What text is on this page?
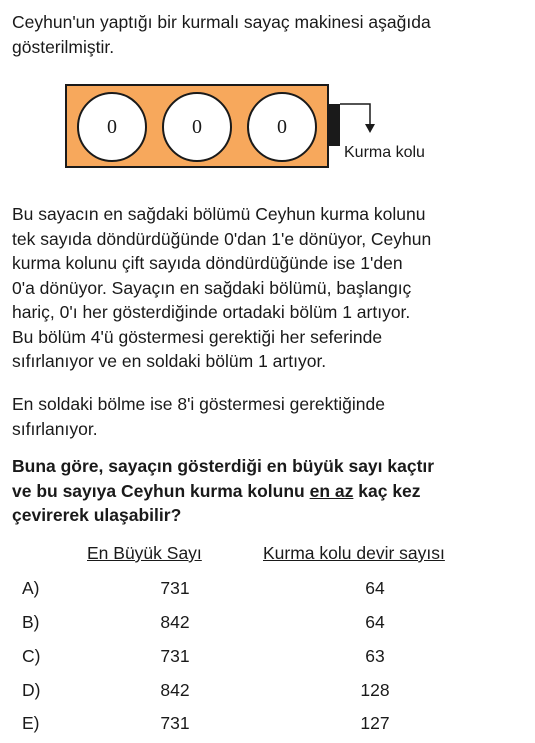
Ceyhun'un yaptığı bir kurmalı sayaç makinesi aşağıda
gösterilmiştir.

0	0	0
Kurma kolu

Bu sayacın en sağdaki bölümü Ceyhun kurma kolunu
tek sayıda döndürdüğünde 0'dan 1'e dönüyor, Ceyhun
kurma kolunu çift sayıda döndürdüğünde ise 1'den
0'a dönüyor. Sayaçın en sağdaki bölümü, başlangıç
hariç, 0'ı her gösterdiğinde ortadaki bölüm 1 artıyor.
Bu bölüm 4'ü göstermesi gerektiği her seferinde
sıfırlanıyor ve en soldaki bölüm 1 artıyor.

En soldaki bölme ise 8'i göstermesi gerektiğinde
sıfırlanıyor.

Buna göre, sayaçın gösterdiği en büyük sayı kaçtır
ve bu sayıya Ceyhun kurma kolunu en az kaç kez
çevirerek ulaşabilir?

En Büyük Sayı	Kurma kolu devir sayısı
A)	731	64
B)	842	64
C)	731	63
D)	842	128
E)	731	127
